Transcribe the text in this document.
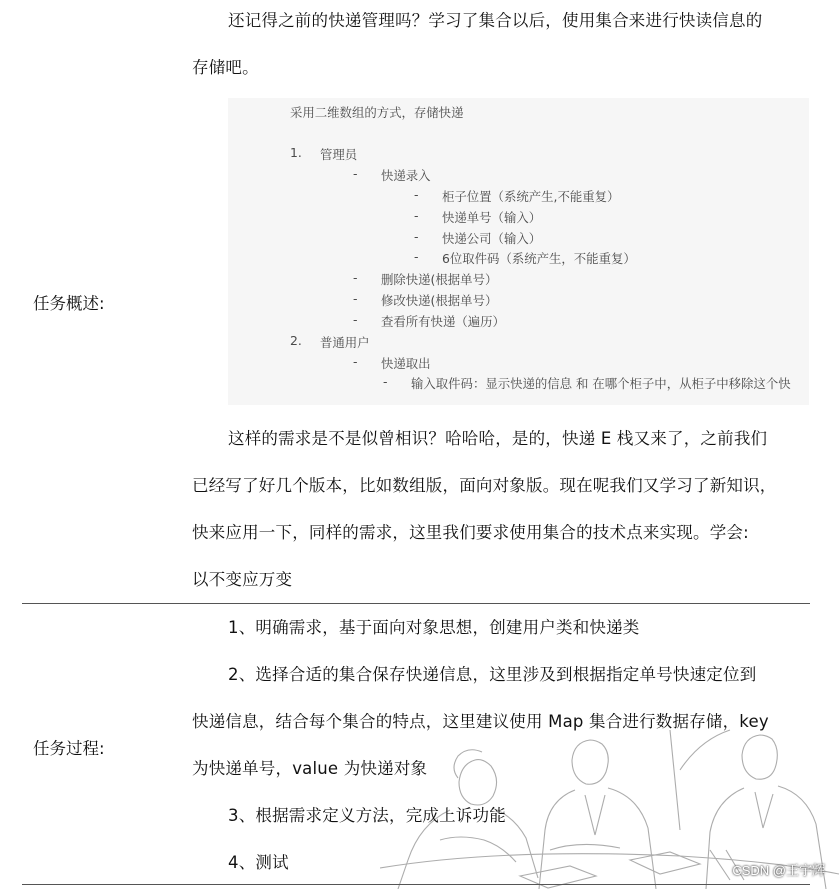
还记得之前的快递管理吗？学习了集合以后，使用集合来进行快读信息的

存储吧。

采用二维数组的方式，存储快递
1. 管理员
- 快递录入
- 柜子位置（系统产生,不能重复）
- 快递单号（输入）
- 快递公司（输入）
- 6位取件码（系统产生，不能重复）
- 删除快递(根据单号）
- 修改快递(根据单号）
- 查看所有快递（遍历）
2. 普通用户
- 快递取出
- 输入取件码：显示快递的信息 和 在哪个柜子中，从柜子中移除这个快

任务概述:

这样的需求是不是似曾相识？哈哈哈，是的，快递 E 栈又来了，之前我们

已经写了好几个版本，比如数组版，面向对象版。现在呢我们又学习了新知识，

快来应用一下，同样的需求，这里我们要求使用集合的技术点来实现。学会:

以不变应万变

1、明确需求，基于面向对象思想，创建用户类和快递类

2、选择合适的集合保存快递信息，这里涉及到根据指定单号快速定位到

快递信息，结合每个集合的特点，这里建议使用 Map 集合进行数据存储，key

任务过程:

为快递单号，value 为快递对象

3、根据需求定义方法，完成上诉功能

4、测试	CSDN @王宇辉
